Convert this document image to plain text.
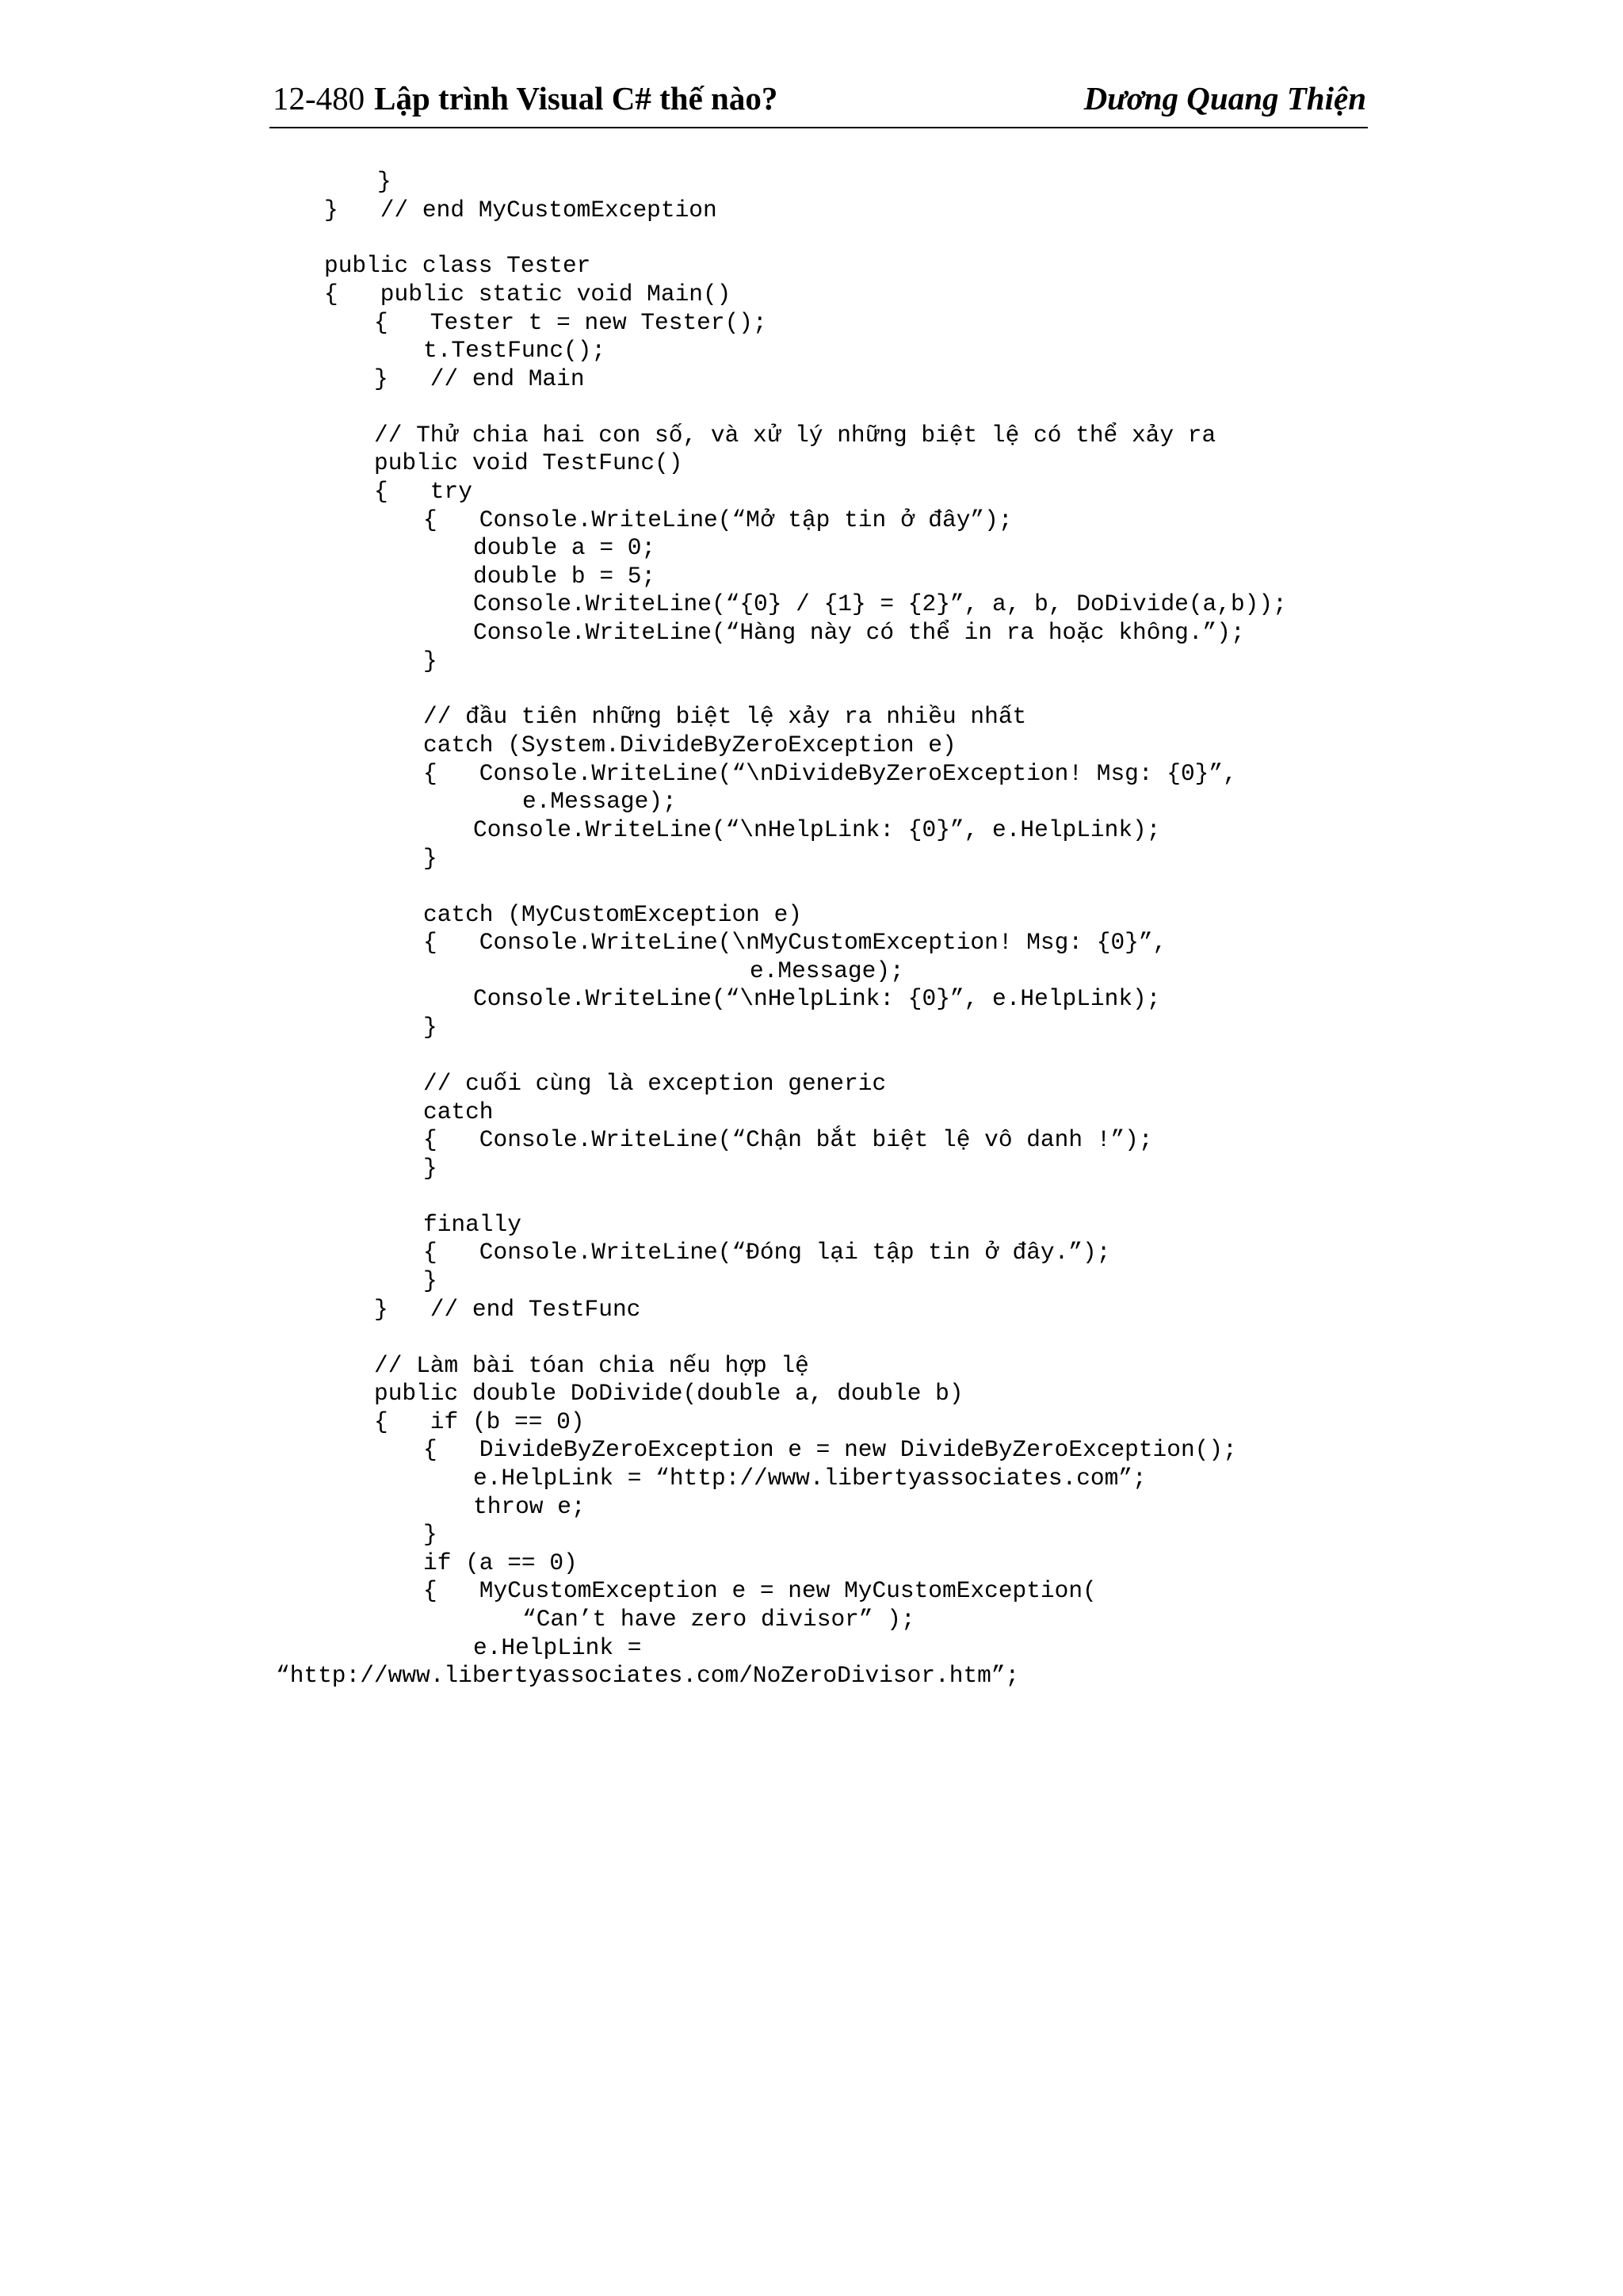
12-480 Lập trình Visual C# thế nào?	Dương Quang Thiện
}
}   // end MyCustomException
public class Tester
{   public static void Main()
{   Tester t = new Tester();
t.TestFunc();
}   // end Main
// Thử chia hai con số, và xử lý những biệt lệ có thể xảy ra
public void TestFunc()
{   try
{   Console.WriteLine(“Mở tập tin ở đây”);
double a = 0;
double b = 5;
Console.WriteLine(“{0} / {1} = {2}”, a, b, DoDivide(a,b));
Console.WriteLine(“Hàng này có thể in ra hoặc không.”);
}
// đầu tiên những biệt lệ xảy ra nhiều nhất
catch (System.DivideByZeroException e)
{   Console.WriteLine(“\nDivideByZeroException! Msg: {0}”,
e.Message);
Console.WriteLine(“\nHelpLink: {0}”, e.HelpLink);
}
catch (MyCustomException e)
{   Console.WriteLine(\nMyCustomException! Msg: {0}”,
e.Message);
Console.WriteLine(“\nHelpLink: {0}”, e.HelpLink);
}
// cuối cùng là exception generic
catch
{   Console.WriteLine(“Chận bắt biệt lệ vô danh !”);
}
finally
{   Console.WriteLine(“Đóng lại tập tin ở đây.”);
}
}   // end TestFunc
// Làm bài tóan chia nếu hợp lệ
public double DoDivide(double a, double b)
{   if (b == 0)
{   DivideByZeroException e = new DivideByZeroException();
e.HelpLink = “http://www.libertyassociates.com”;
throw e;
}
if (a == 0)
{   MyCustomException e = new MyCustomException(
“Can’t have zero divisor” );
e.HelpLink =
“http://www.libertyassociates.com/NoZeroDivisor.htm”;
